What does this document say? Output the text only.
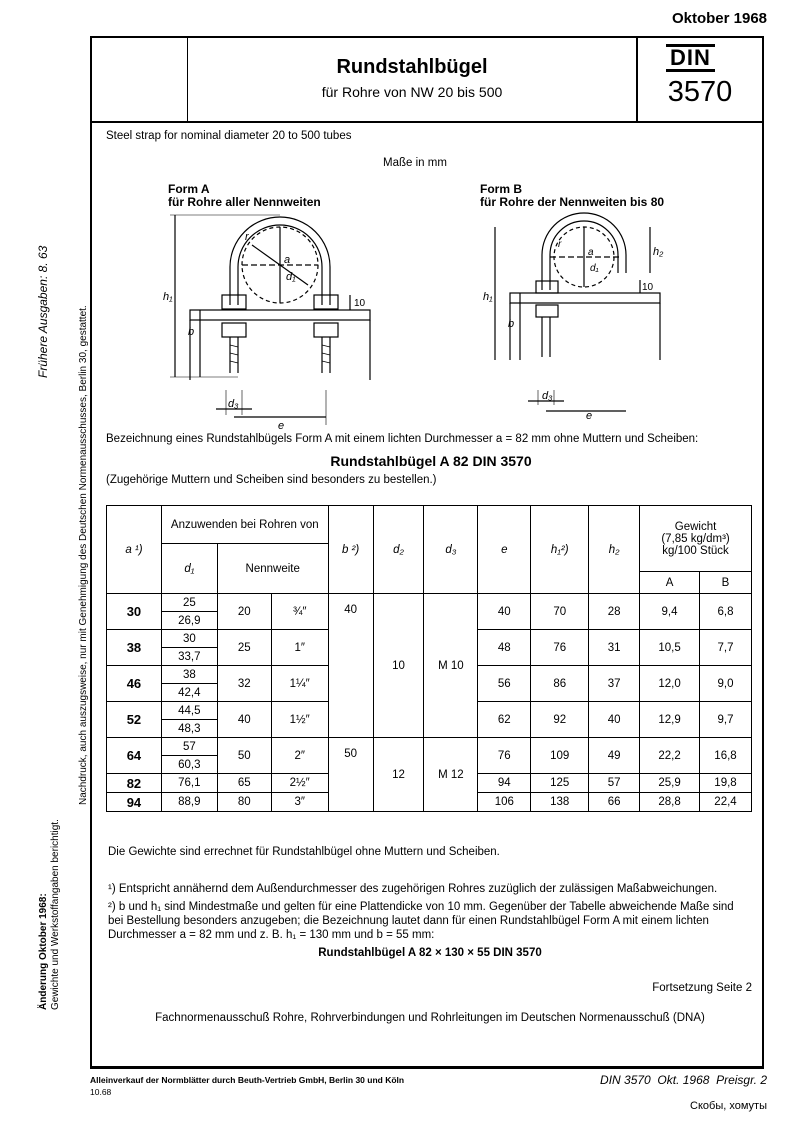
Oktober 1968
Rundstahlbügel
für Rohre von NW 20 bis 500
DIN
3570
Frühere Ausgaben: 8. 63	Nachdruck, auch auszugsweise, nur mit Genehmigung des Deutschen Normenausschusses, Berlin 30, gestattet.
Änderung Oktober 1968: Gewichte und Werkstoffangaben berichtigt.
Steel strap for nominal diameter 20 to 500 tubes
Maße in mm
Form A
für Rohre aller Nennweiten
Form B
für Rohre der Nennweiten bis 80
r
a
d₁
h₁
b
10
d₃
e
r
a
d₁
h₂
h₁
b
10
d₃
e
Bezeichnung eines Rundstahlbügels Form A mit einem lichten Durchmesser a = 82 mm ohne Muttern und Scheiben:
Rundstahlbügel A 82 DIN 3570
(Zugehörige Muttern und Scheiben sind besonders zu bestellen.)
a ¹)	Anzuwenden bei Rohren von			b ²)	d₂	d₃	e	h₁²)	h₂	Gewicht
(7,85 kg/dm³)
kg/100 Stück	

	d₁	Nennweite									
										A	B
30	25	20	¾″	40	10	M 10	40	70	28	9,4	6,8
	26,9										
38	30	25	1″				48	76	31	10,5	7,7
	33,7										
46	38	32	1¼″				56	86	37	12,0	9,0
	42,4										
52	44,5	40	1½″				62	92	40	12,9	9,7
	48,3										
64	57	50	2″	50	12	M 12	76	109	49	22,2	16,8
	60,3										
82	76,1	65	2½″				94	125	57	25,9	19,8
94	88,9	80	3″				106	138	66	28,8	22,4
Die Gewichte sind errechnet für Rundstahlbügel ohne Muttern und Scheiben.
¹) Entspricht annähernd dem Außendurchmesser des zugehörigen Rohres zuzüglich der zulässigen Maßabweichungen.
²) b und h₁ sind Mindestmaße und gelten für eine Plattendicke von 10 mm. Gegenüber der Tabelle abweichende Maße sind bei Bestellung besonders anzugeben; die Bezeichnung lautet dann für einen Rundstahlbügel Form A mit einem lichten Durchmesser a = 82 mm und z. B. h₁ = 130 mm und b = 55 mm:
Rundstahlbügel A 82 × 130 × 55 DIN 3570
Fortsetzung Seite 2
Fachnormenausschuß Rohre, Rohrverbindungen und Rohrleitungen im Deutschen Normenausschuß (DNA)
Alleinverkauf der Normblätter durch Beuth-Vertrieb GmbH, Berlin 30 und Köln
10.68
DIN 3570  Okt. 1968  Preisgr. 2
Скобы, хомуты
